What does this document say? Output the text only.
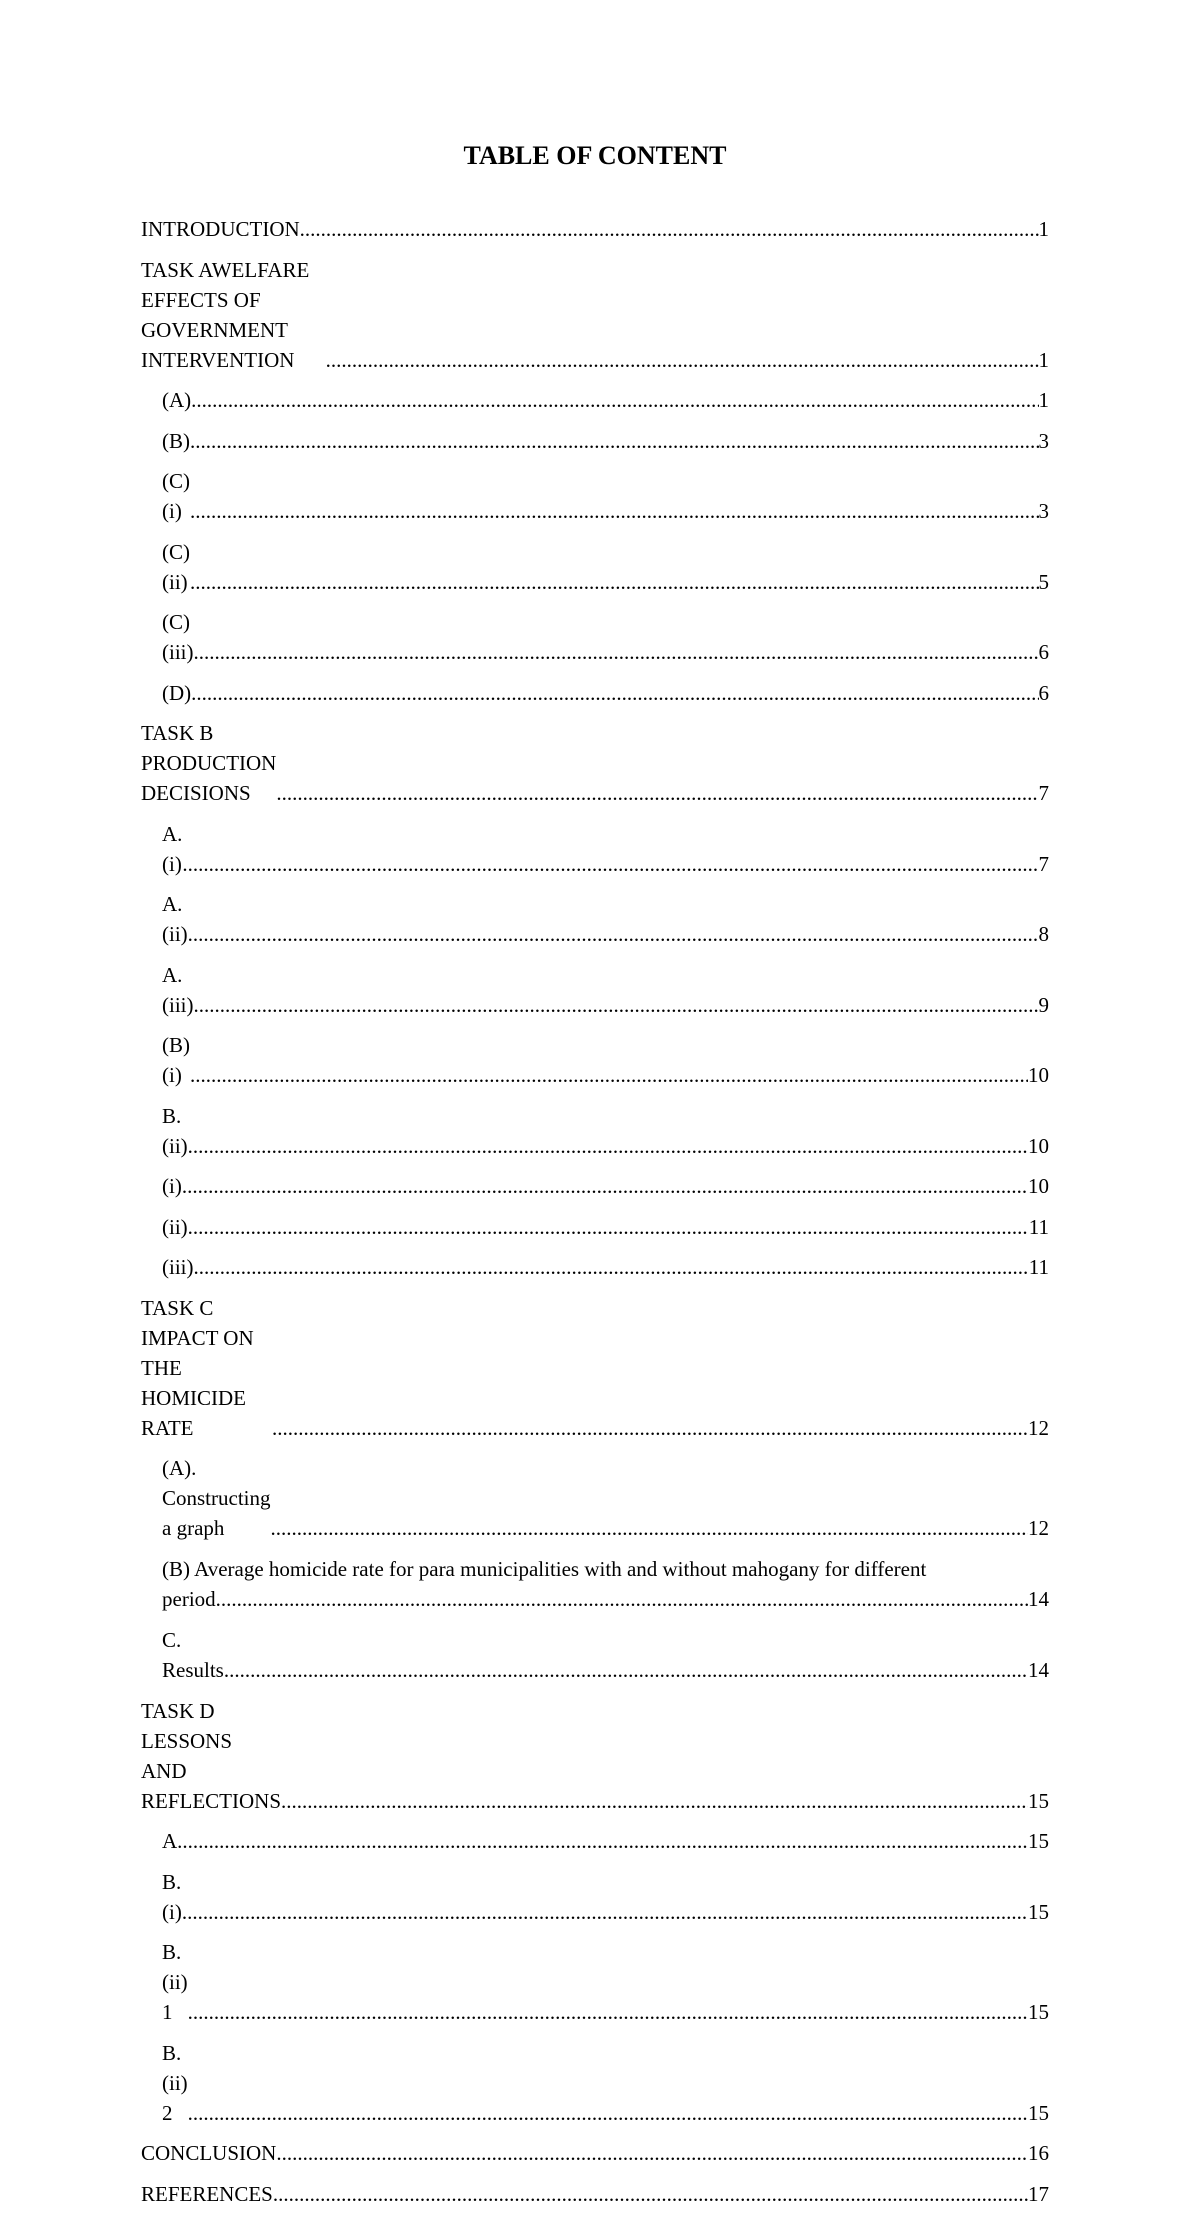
TABLE OF CONTENT
INTRODUCTION .....	1
TASK AWELFARE EFFECTS OF GOVERNMENT INTERVENTION .....	1
(A) .....	1
(B) .....	3
(C) (i) .....	3
(C) (ii) .....	5
(C) (iii) .....	6
(D) .....	6
TASK B PRODUCTION DECISIONS .....	7
A. (i) .....	7
A. (ii) .....	8
A. (iii) .....	9
(B) (i) .....	10
B. (ii) .....	10
(i) .....	10
(ii) .....	11
(iii) .....	11
TASK C IMPACT ON THE HOMICIDE RATE .....	12
(A). Constructing a graph .....	12
(B) Average homicide rate for para municipalities with and without mahogany for different
period .....	14
C. Results .....	14
TASK D LESSONS AND REFLECTIONS .....	15
A .....	15
B. (i) .....	15
B. (ii) 1 .....	15
B. (ii) 2 .....	15
CONCLUSION .....	16
REFERENCES .....	17
